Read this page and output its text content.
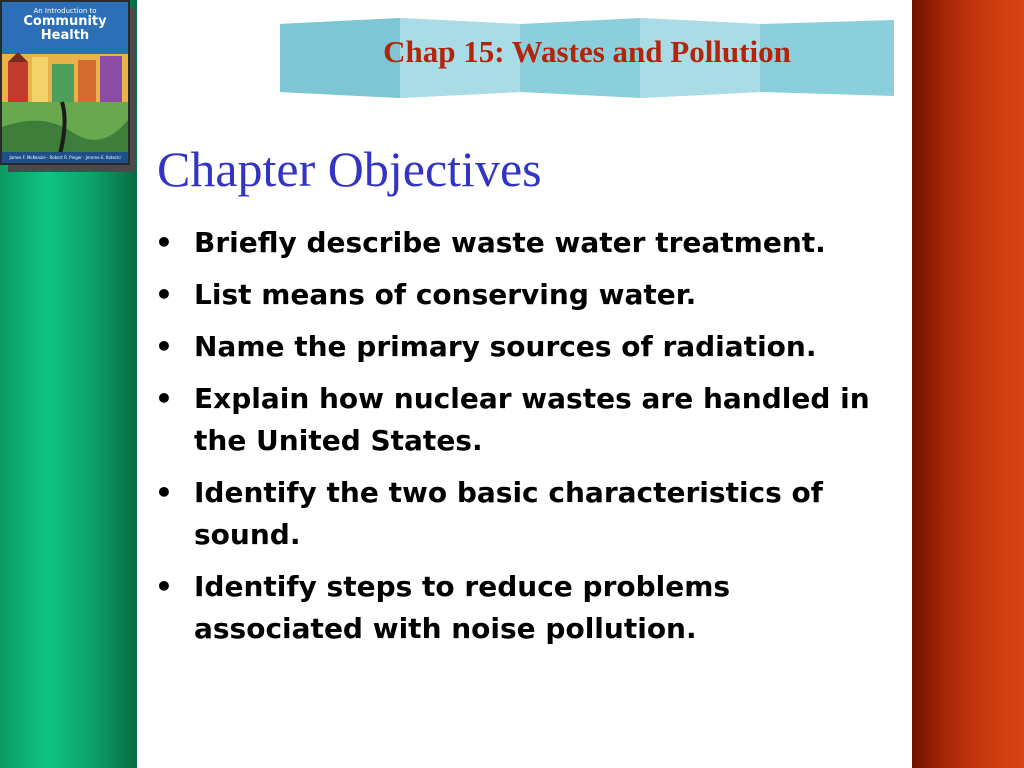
An Introduction to
Community
Health
James F. McKenzie · Robert R. Pinger · Jerome E. Kotecki
Chap 15: Wastes and Pollution
Chapter Objectives
• Briefly describe waste water treatment.
• List means of conserving water.
• Name the primary sources of radiation.
• Explain how nuclear wastes are handled in the United States.
• Identify the two basic characteristics of sound.
• Identify steps to reduce problems associated with noise pollution.
